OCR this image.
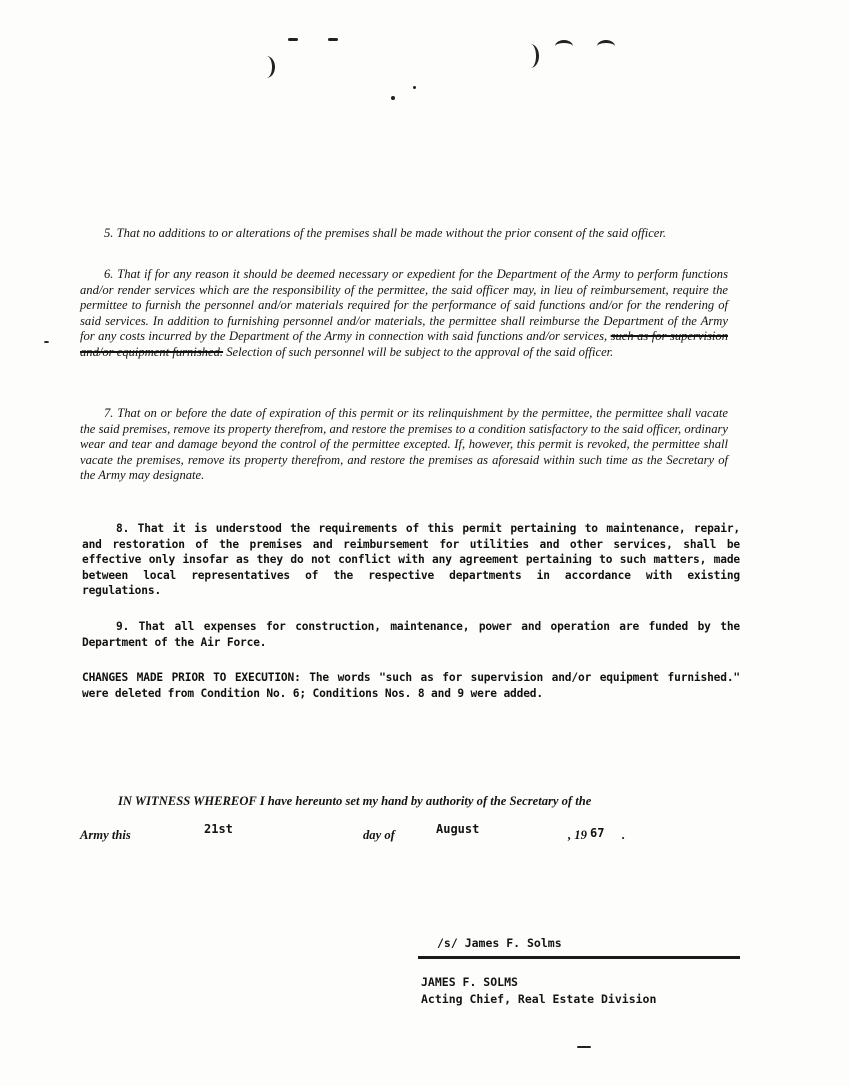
5. That no additions to or alterations of the premises shall be made without the prior consent of the said officer.

6. That if for any reason it should be deemed necessary or expedient for the Department of the Army to perform functions and/or render services which are the responsibility of the permittee, the said officer may, in lieu of reimbursement, require the permittee to furnish the personnel and/or materials required for the performance of said functions and/or for the rendering of said services. In addition to furnishing personnel and/or materials, the permittee shall reimburse the Department of the Army for any costs incurred by the Department of the Army in connection with said functions and/or services, such as for supervision and/or equipment furnished. Selection of such personnel will be subject to the approval of the said officer.

7. That on or before the date of expiration of this permit or its relinquishment by the permittee, the permittee shall vacate the said premises, remove its property therefrom, and restore the premises to a condition satisfactory to the said officer, ordinary wear and tear and damage beyond the control of the permittee excepted. If, however, this permit is revoked, the permittee shall vacate the premises, remove its property therefrom, and restore the premises as aforesaid within such time as the Secretary of the Army may designate.

8. That it is understood the requirements of this permit pertaining to maintenance, repair, and restoration of the premises and reimbursement for utilities and other services, shall be effective only insofar as they do not conflict with any agreement pertaining to such matters, made between local representatives of the respective departments in accordance with existing regulations.

9. That all expenses for construction, maintenance, power and operation are funded by the Department of the Air Force.

CHANGES MADE PRIOR TO EXECUTION: The words "such as for supervision and/or equipment furnished." were deleted from Condition No. 6; Conditions Nos. 8 and 9 were added.

IN WITNESS WHEREOF I have hereunto set my hand by authority of the Secretary of the

Army this	21st	day of	August	, 19 67 .
/s/ James F. Solms
JAMES F. SOLMS
Acting Chief, Real Estate Division
